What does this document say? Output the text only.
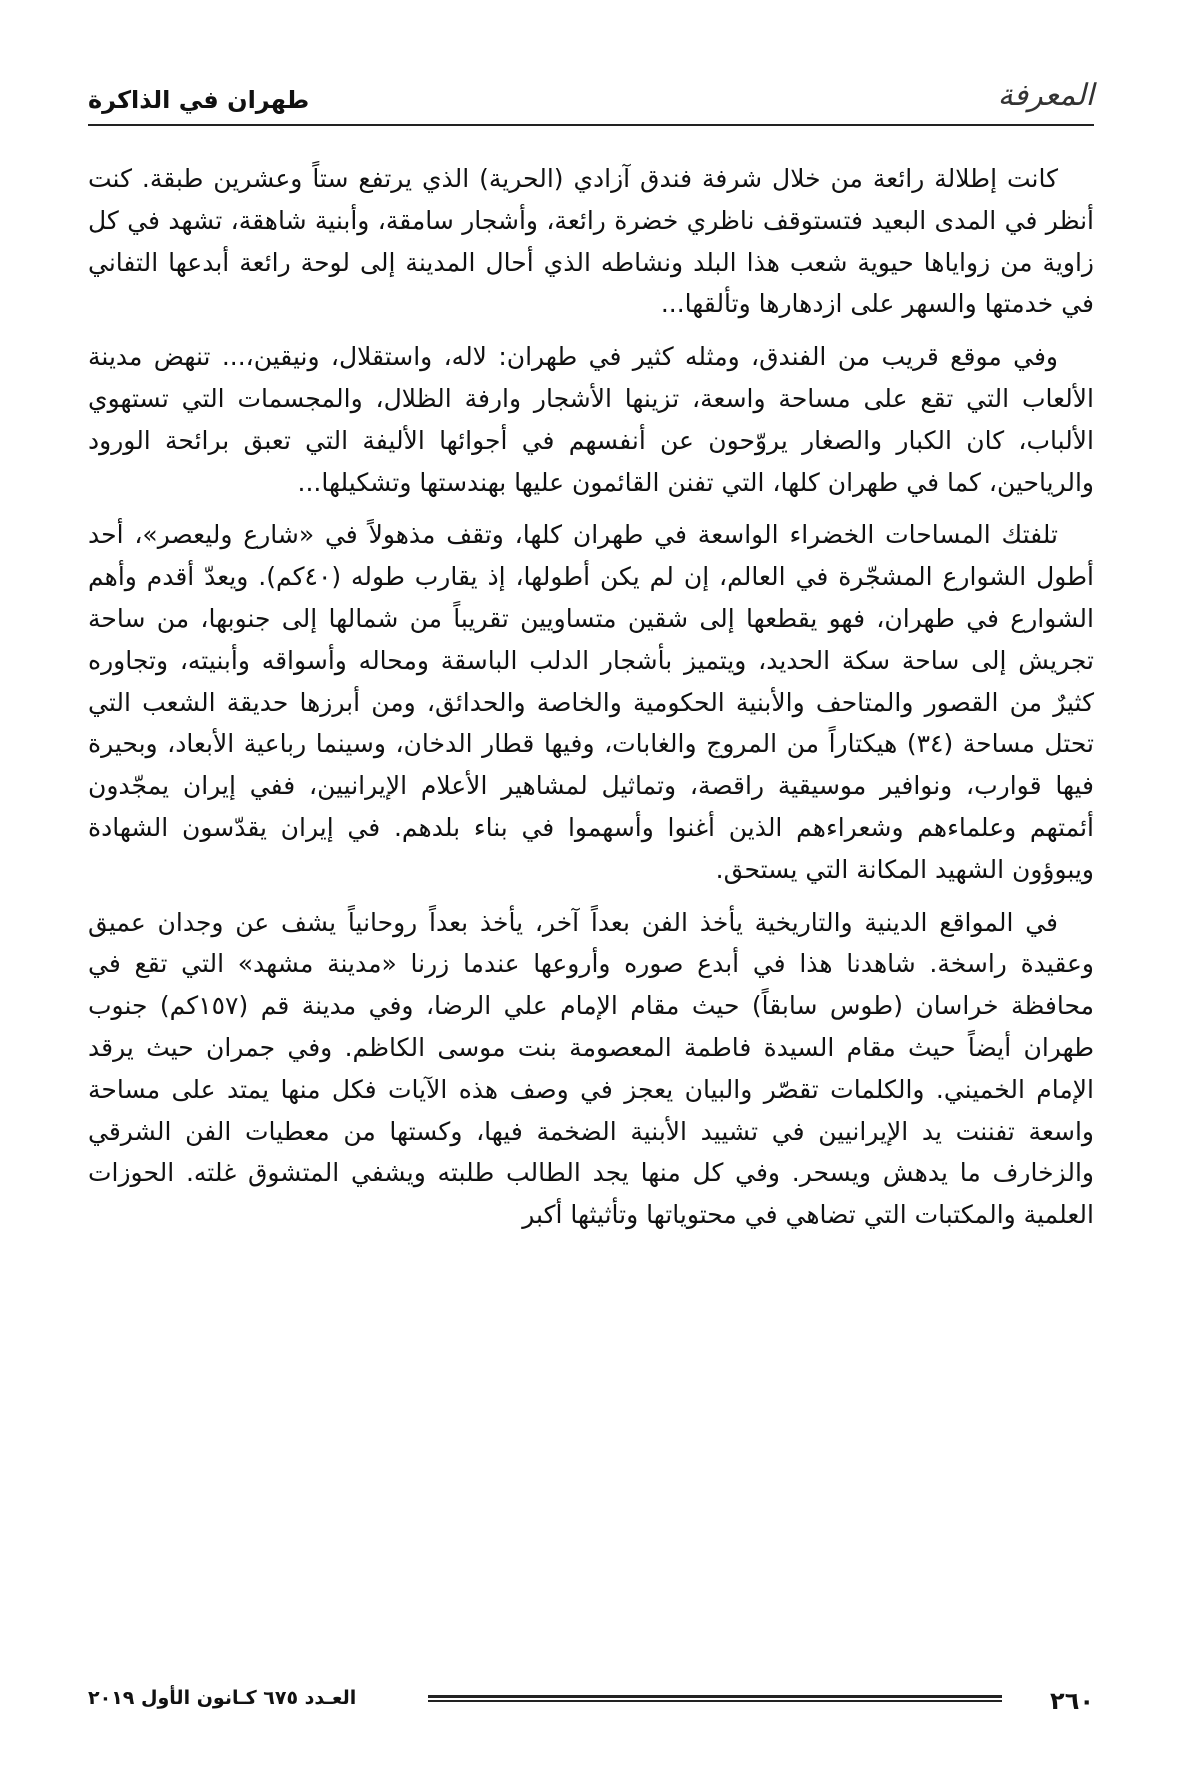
المعرفة
طهران في الذاكرة

كانت إطلالة رائعة من خلال شرفة فندق آزادي (الحرية) الذي يرتفع ستاً وعشرين طبقة. كنت أنظر في المدى البعيد فتستوقف ناظري خضرة رائعة، وأشجار سامقة، وأبنية شاهقة، تشهد في كل زاوية من زواياها حيوية شعب هذا البلد ونشاطه الذي أحال المدينة إلى لوحة رائعة أبدعها التفاني في خدمتها والسهر على ازدهارها وتألقها...

وفي موقع قريب من الفندق، ومثله كثير في طهران: لاله، واستقلال، ونيقين،... تنهض مدينة الألعاب التي تقع على مساحة واسعة، تزينها الأشجار وارفة الظلال، والمجسمات التي تستهوي الألباب، كان الكبار والصغار يروّحون عن أنفسهم في أجوائها الأليفة التي تعبق برائحة الورود والرياحين، كما في طهران كلها، التي تفنن القائمون عليها بهندستها وتشكيلها...

تلفتك المساحات الخضراء الواسعة في طهران كلها، وتقف مذهولاً في «شارع وليعصر»، أحد أطول الشوارع المشجّرة في العالم، إن لم يكن أطولها، إذ يقارب طوله (٤٠كم). ويعدّ أقدم وأهم الشوارع في طهران، فهو يقطعها إلى شقين متساويين تقريباً من شمالها إلى جنوبها، من ساحة تجريش إلى ساحة سكة الحديد، ويتميز بأشجار الدلب الباسقة ومحاله وأسواقه وأبنيته، وتجاوره كثيرٌ من القصور والمتاحف والأبنية الحكومية والخاصة والحدائق، ومن أبرزها حديقة الشعب التي تحتل مساحة (٣٤) هيكتاراً من المروج والغابات، وفيها قطار الدخان، وسينما رباعية الأبعاد، وبحيرة فيها قوارب، ونوافير موسيقية راقصة، وتماثيل لمشاهير الأعلام الإيرانيين، ففي إيران يمجّدون أئمتهم وعلماءهم وشعراءهم الذين أغنوا وأسهموا في بناء بلدهم. في إيران يقدّسون الشهادة ويبوؤون الشهيد المكانة التي يستحق.

في المواقع الدينية والتاريخية يأخذ الفن بعداً آخر، يأخذ بعداً روحانياً يشف عن وجدان عميق وعقيدة راسخة. شاهدنا هذا في أبدع صوره وأروعها عندما زرنا «مدينة مشهد» التي تقع في محافظة خراسان (طوس سابقاً) حيث مقام الإمام علي الرضا، وفي مدينة قم (١٥٧كم) جنوب طهران أيضاً حيث مقام السيدة فاطمة المعصومة بنت موسى الكاظم. وفي جمران حيث يرقد الإمام الخميني. والكلمات تقصّر والبيان يعجز في وصف هذه الآيات فكل منها يمتد على مساحة واسعة تفننت يد الإيرانيين في تشييد الأبنية الضخمة فيها، وكستها من معطيات الفن الشرقي والزخارف ما يدهش ويسحر. وفي كل منها يجد الطالب طلبته ويشفي المتشوق غلته. الحوزات العلمية والمكتبات التي تضاهي في محتوياتها وتأثيثها أكبر

٢٦٠
العـدد ٦٧٥ كـانون الأول ٢٠١٩
